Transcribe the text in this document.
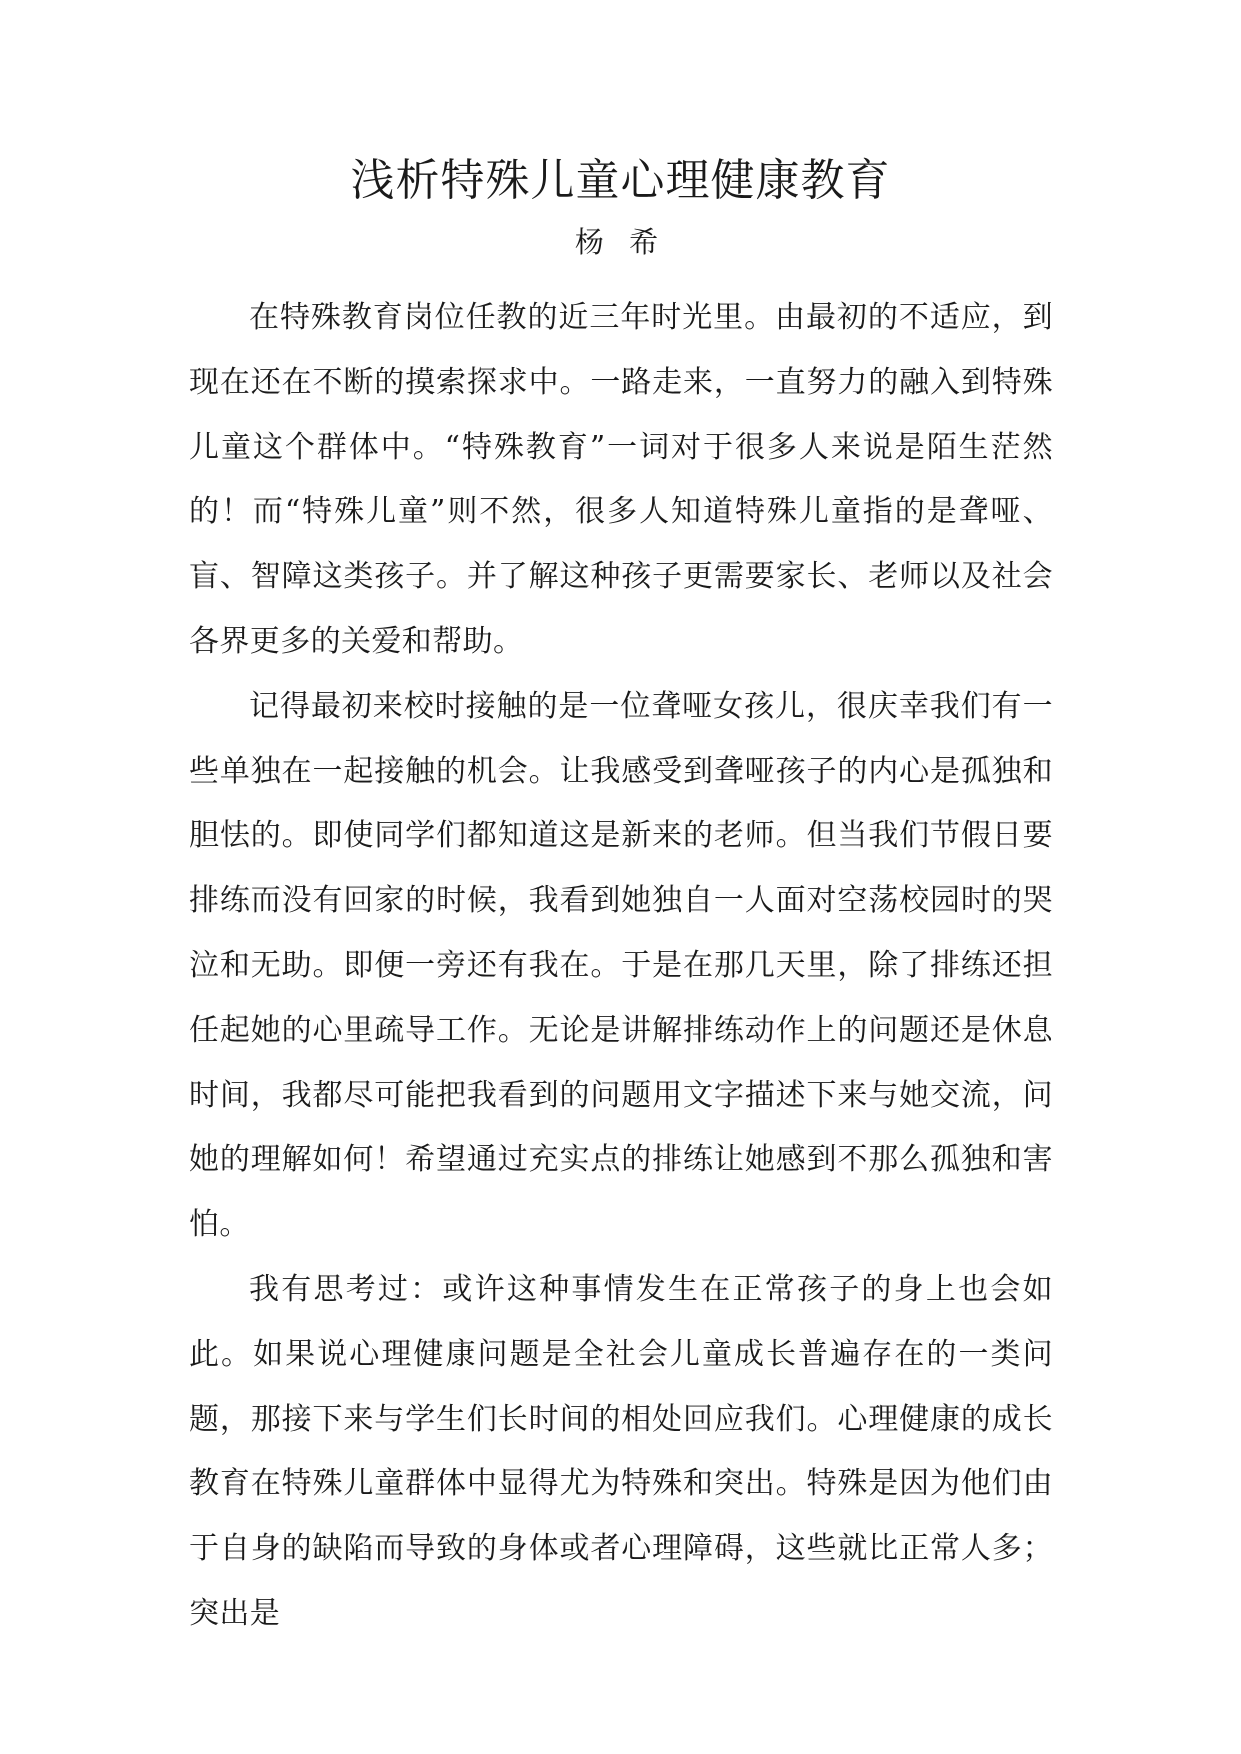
浅析特殊儿童心理健康教育
杨 希

在特殊教育岗位任教的近三年时光里。由最初的不适应，到现在还在不断的摸索探求中。一路走来，一直努力的融入到特殊儿童这个群体中。“特殊教育”一词对于很多人来说是陌生茫然的！而“特殊儿童”则不然，很多人知道特殊儿童指的是聋哑、盲、智障这类孩子。并了解这种孩子更需要家长、老师以及社会各界更多的关爱和帮助。

记得最初来校时接触的是一位聋哑女孩儿，很庆幸我们有一些单独在一起接触的机会。让我感受到聋哑孩子的内心是孤独和胆怯的。即使同学们都知道这是新来的老师。但当我们节假日要排练而没有回家的时候，我看到她独自一人面对空荡校园时的哭泣和无助。即便一旁还有我在。于是在那几天里，除了排练还担任起她的心里疏导工作。无论是讲解排练动作上的问题还是休息时间，我都尽可能把我看到的问题用文字描述下来与她交流，问她的理解如何！希望通过充实点的排练让她感到不那么孤独和害怕。

我有思考过：或许这种事情发生在正常孩子的身上也会如此。如果说心理健康问题是全社会儿童成长普遍存在的一类问题，那接下来与学生们长时间的相处回应我们。心理健康的成长教育在特殊儿童群体中显得尤为特殊和突出。特殊是因为他们由于自身的缺陷而导致的身体或者心理障碍，这些就比正常人多；突出是
